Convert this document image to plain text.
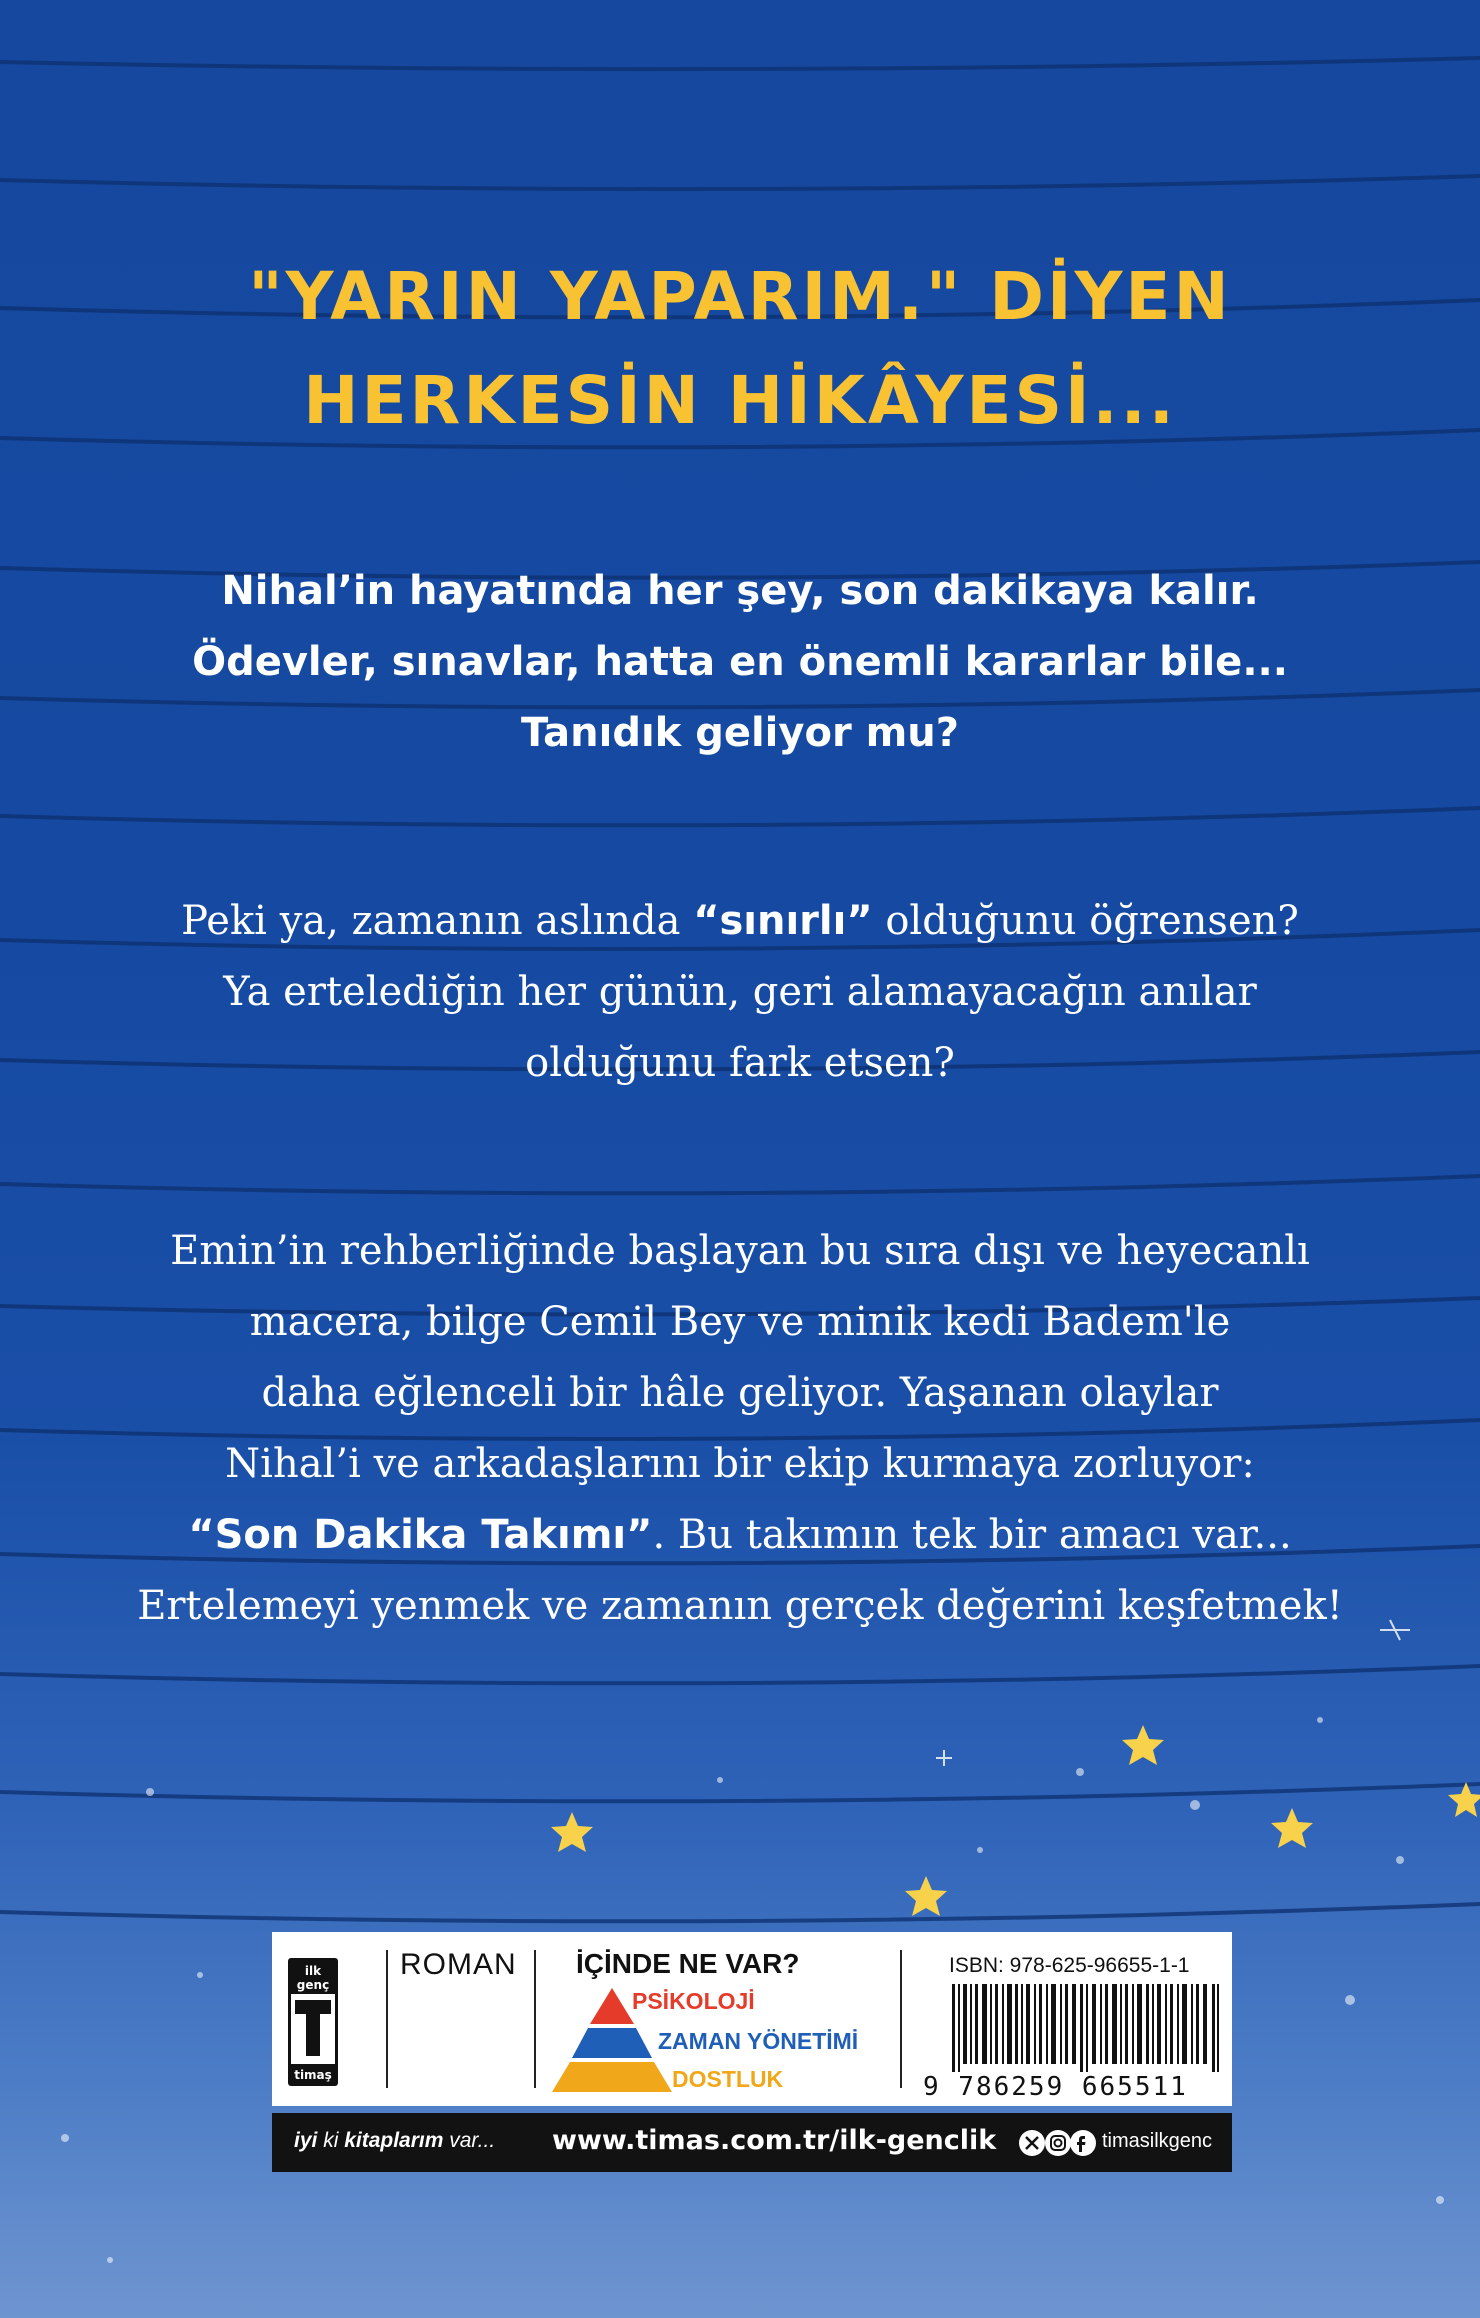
"YARIN YAPARIM." DİYEN
HERKESİN HİKÂYESİ...
Nihal’in hayatında her şey, son dakikaya kalır.
Ödevler, sınavlar, hatta en önemli kararlar bile...
Tanıdık geliyor mu?
Peki ya, zamanın aslında “sınırlı” olduğunu öğrensen?
Ya ertelediğin her günün, geri alamayacağın anılar
olduğunu fark etsen?
Emin’in rehberliğinde başlayan bu sıra dışı ve heyecanlı
macera, bilge Cemil Bey ve minik kedi Badem'le
daha eğlenceli bir hâle geliyor. Yaşanan olaylar
Nihal’i ve arkadaşlarını bir ekip kurmaya zorluyor:
“Son Dakika Takımı”. Bu takımın tek bir amacı var...
Ertelemeyi yenmek ve zamanın gerçek değerini keşfetmek!
ilk genç
timaş
ROMAN İÇİNDE NE VAR?
PSİKOLOJİ
ZAMAN YÖNETİMİ
DOSTLUK
ISBN: 978-625-96655-1-1
9 786259 665511
iyi ki kitaplarım var... www.timas.com.tr/ilk-genclik	timasilkgenc
